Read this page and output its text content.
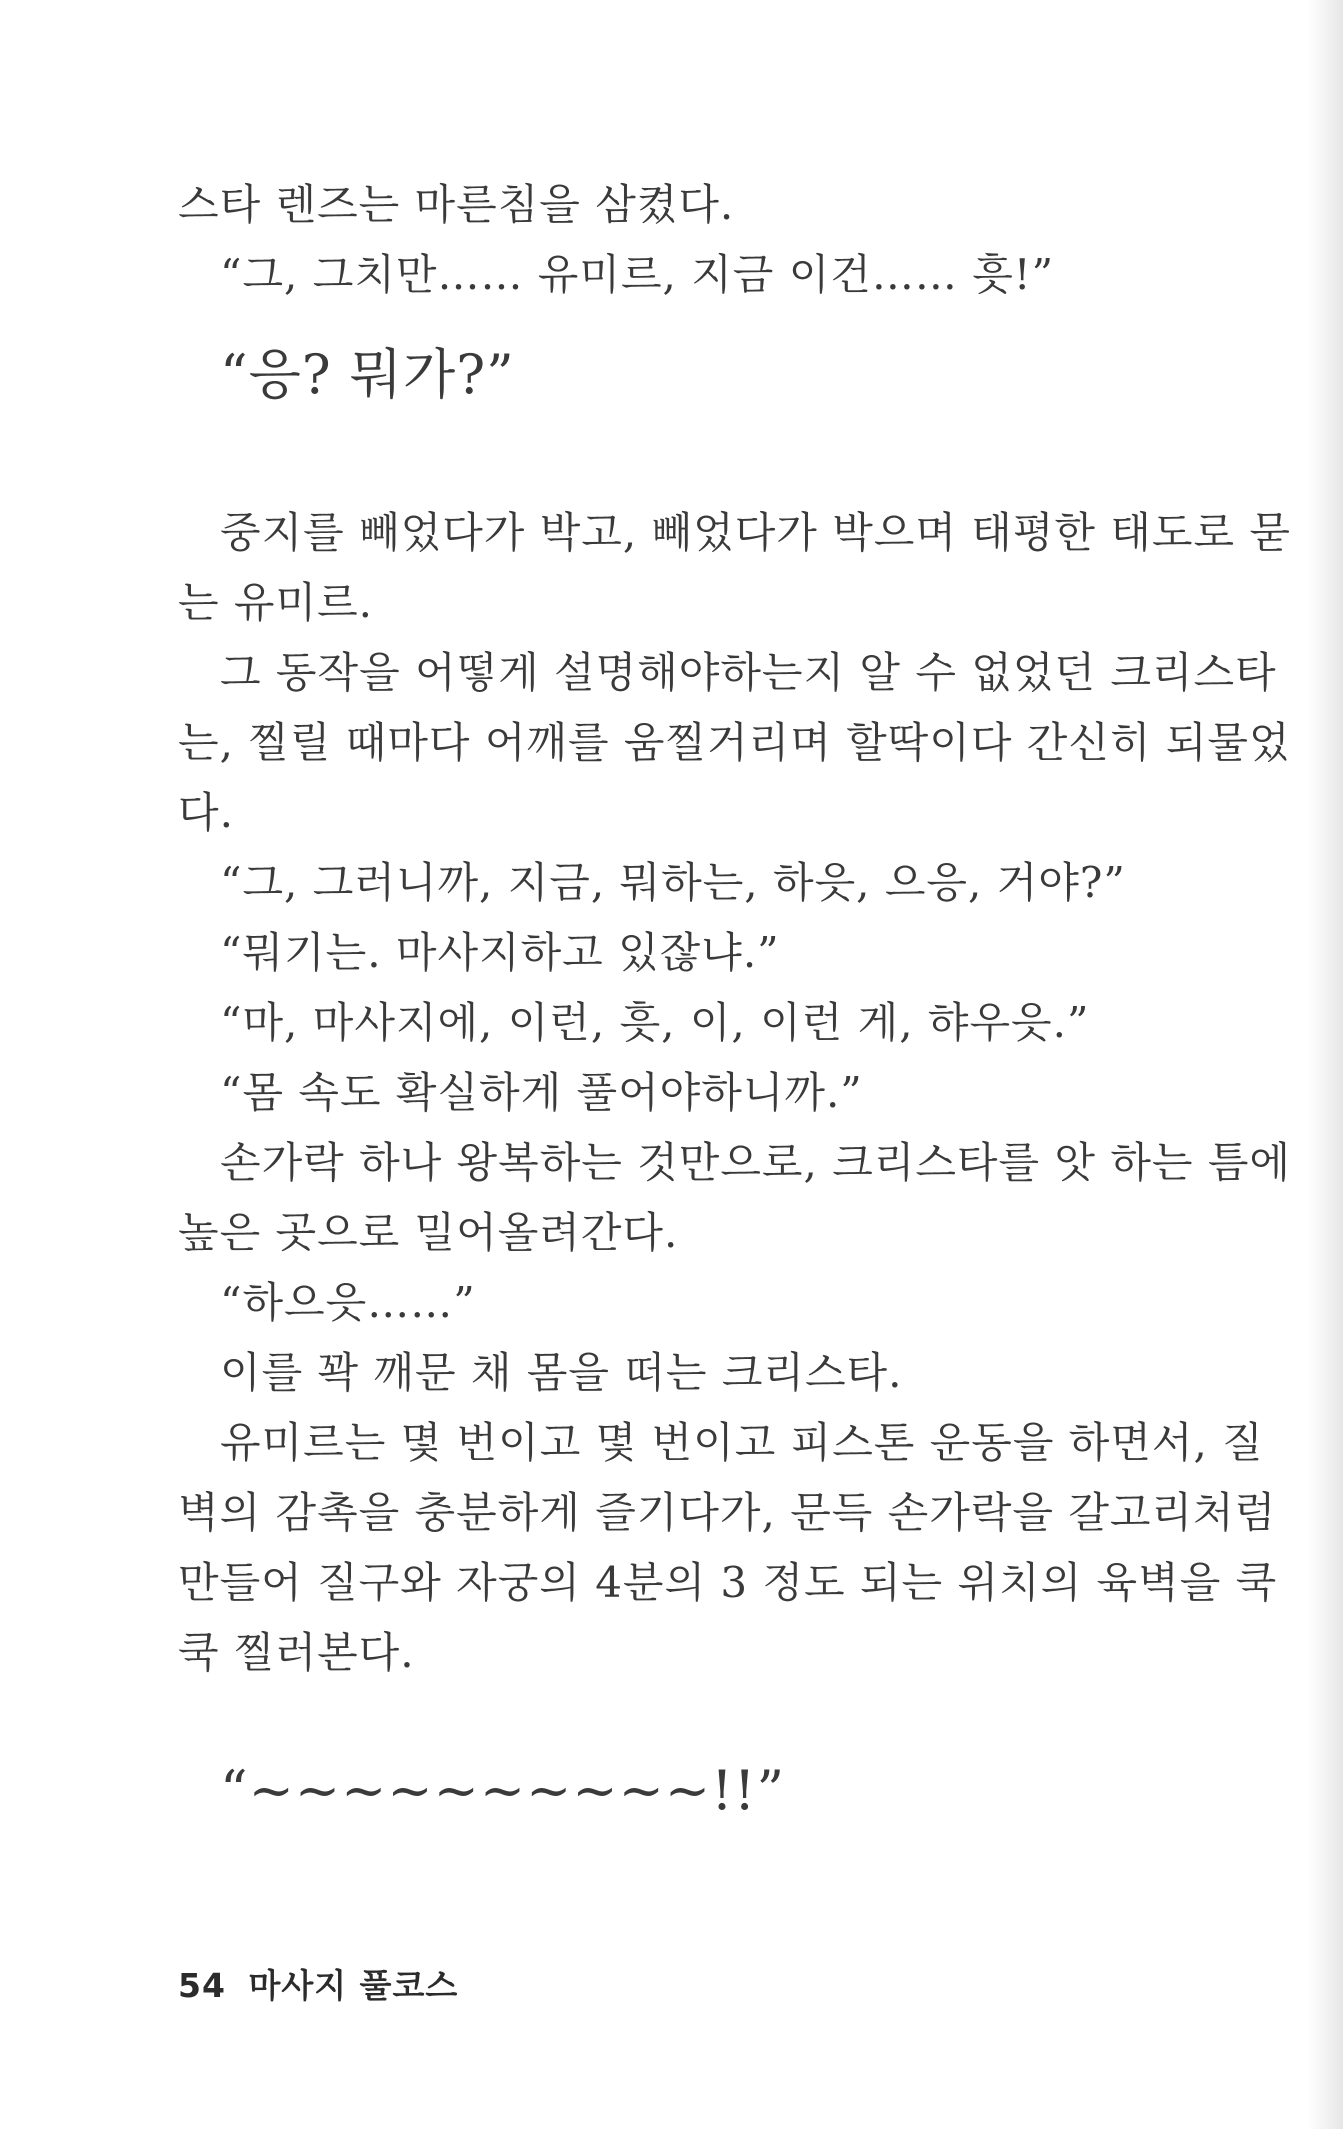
스타 렌즈는 마른침을 삼켰다.
“그, 그치만…… 유미르, 지금 이건…… 흣!”
“응? 뭐가?”
중지를 빼었다가 박고, 빼었다가 박으며 태평한 태도로 묻
는 유미르.
그 동작을 어떻게 설명해야하는지 알 수 없었던 크리스타
는, 찔릴 때마다 어깨를 움찔거리며 할딱이다 간신히 되물었
다.
“그, 그러니까, 지금, 뭐하는, 하읏, 으응, 거야?”
“뭐기는. 마사지하고 있잖냐.”
“마, 마사지에, 이런, 흣, 이, 이런 게, 햐우읏.”
“몸 속도 확실하게 풀어야하니까.”
손가락 하나 왕복하는 것만으로, 크리스타를 앗 하는 틈에
높은 곳으로 밀어올려간다.
“하으읏……”
이를 꽉 깨문 채 몸을 떠는 크리스타.
유미르는 몇 번이고 몇 번이고 피스톤 운동을 하면서, 질
벽의 감촉을 충분하게 즐기다가, 문득 손가락을 갈고리처럼
만들어 질구와 자궁의 4분의 3 정도 되는 위치의 육벽을 쿡
쿡 찔러본다.
“~~~~~~~~~~!!”
54 마사지 풀코스
